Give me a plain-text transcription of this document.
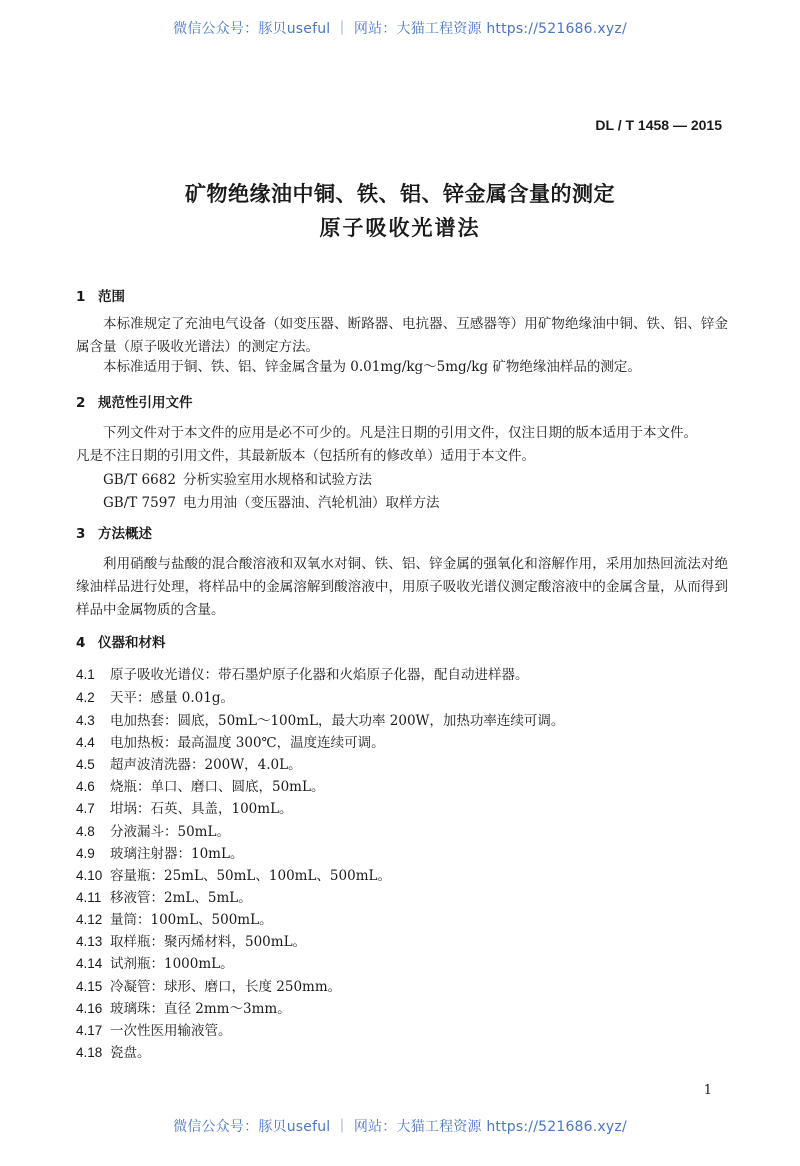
微信公众号：豚贝useful ｜ 网站：大猫工程资源 https://521686.xyz/
DL / T 1458 — 2015
矿物绝缘油中铜、铁、铝、锌金属含量的测定
原子吸收光谱法
1 范围
本标准规定了充油电气设备（如变压器、断路器、电抗器、互感器等）用矿物绝缘油中铜、铁、铝、锌金属含量（原子吸收光谱法）的测定方法。
本标准适用于铜、铁、铝、锌金属含量为 0.01mg/kg～5mg/kg 矿物绝缘油样品的测定。
2 规范性引用文件
下列文件对于本文件的应用是必不可少的。凡是注日期的引用文件，仅注日期的版本适用于本文件。
凡是不注日期的引用文件，其最新版本（包括所有的修改单）适用于本文件。
GB/T 6682 分析实验室用水规格和试验方法
GB/T 7597 电力用油（变压器油、汽轮机油）取样方法
3 方法概述
利用硝酸与盐酸的混合酸溶液和双氧水对铜、铁、铝、锌金属的强氧化和溶解作用，采用加热回流法对绝缘油样品进行处理，将样品中的金属溶解到酸溶液中，用原子吸收光谱仪测定酸溶液中的金属含量，从而得到样品中金属物质的含量。
4 仪器和材料
4.1 原子吸收光谱仪：带石墨炉原子化器和火焰原子化器，配自动进样器。
4.2 天平：感量 0.01g。
4.3 电加热套：圆底，50mL～100mL，最大功率 200W，加热功率连续可调。
4.4 电加热板：最高温度 300℃，温度连续可调。
4.5 超声波清洗器：200W，4.0L。
4.6 烧瓶：单口、磨口、圆底，50mL。
4.7 坩埚：石英、具盖，100mL。
4.8 分液漏斗：50mL。
4.9 玻璃注射器：10mL。
4.10 容量瓶：25mL、50mL、100mL、500mL。
4.11 移液管：2mL、5mL。
4.12 量筒：100mL、500mL。
4.13 取样瓶：聚丙烯材料，500mL。
4.14 试剂瓶：1000mL。
4.15 冷凝管：球形、磨口，长度 250mm。
4.16 玻璃珠：直径 2mm～3mm。
4.17 一次性医用输液管。
4.18 瓷盘。
1
微信公众号：豚贝useful ｜ 网站：大猫工程资源 https://521686.xyz/
